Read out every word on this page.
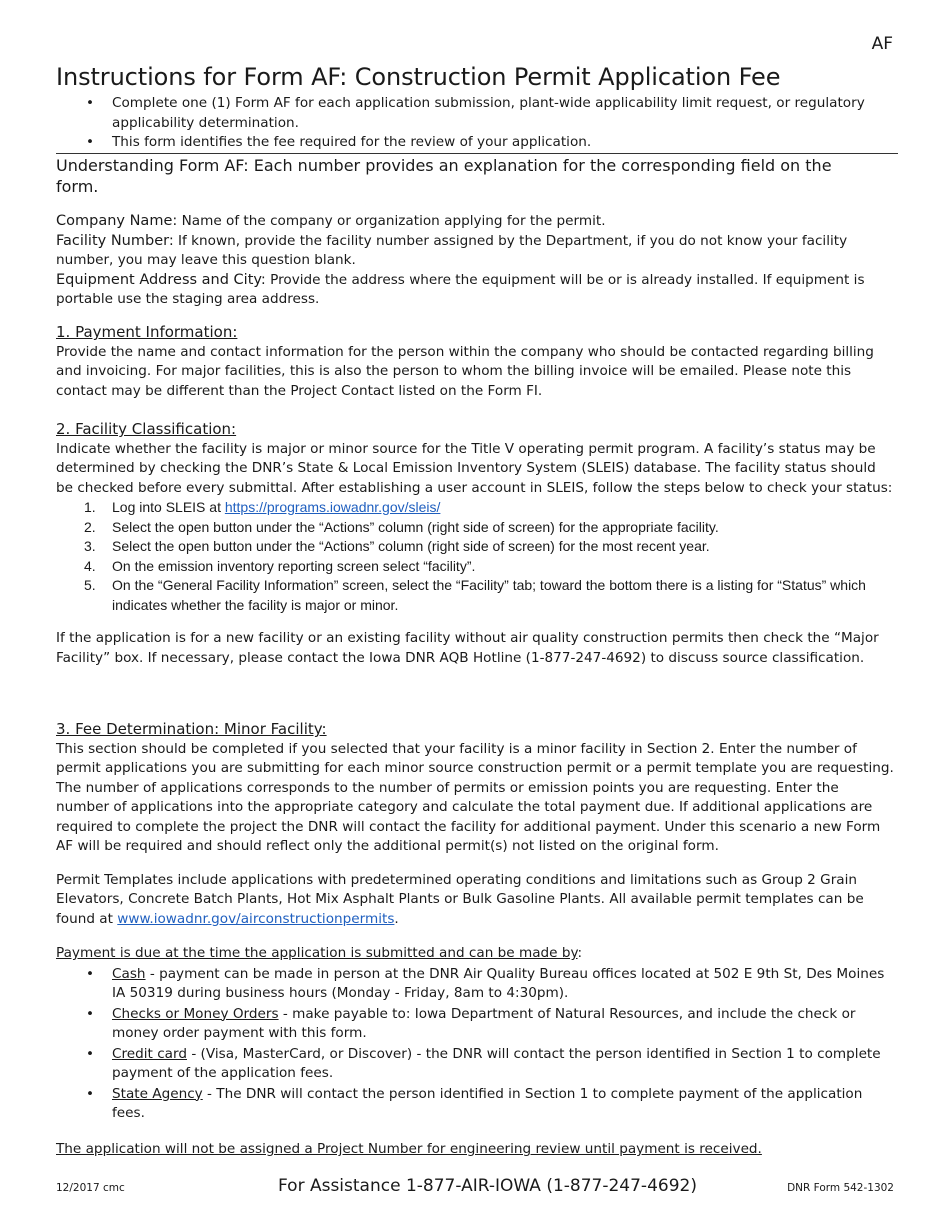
AF
Instructions for Form AF: Construction Permit Application Fee
• Complete one (1) Form AF for each application submission, plant-wide applicability limit request, or regulatory applicability determination.
• This form identifies the fee required for the review of your application.
Understanding Form AF: Each number provides an explanation for the corresponding field on the form.
Company Name: Name of the company or organization applying for the permit.
Facility Number: If known, provide the facility number assigned by the Department, if you do not know your facility number, you may leave this question blank.
Equipment Address and City: Provide the address where the equipment will be or is already installed. If equipment is portable use the staging area address.
1. Payment Information:
Provide the name and contact information for the person within the company who should be contacted regarding billing and invoicing. For major facilities, this is also the person to whom the billing invoice will be emailed. Please note this contact may be different than the Project Contact listed on the Form FI.
2. Facility Classification:
Indicate whether the facility is major or minor source for the Title V operating permit program. A facility’s status may be determined by checking the DNR’s State & Local Emission Inventory System (SLEIS) database. The facility status should be checked before every submittal. After establishing a user account in SLEIS, follow the steps below to check your status:
1. Log into SLEIS at https://programs.iowadnr.gov/sleis/
2. Select the open button under the “Actions” column (right side of screen) for the appropriate facility.
3. Select the open button under the “Actions” column (right side of screen) for the most recent year.
4. On the emission inventory reporting screen select “facility”.
5. On the “General Facility Information” screen, select the “Facility” tab; toward the bottom there is a listing for “Status” which indicates whether the facility is major or minor.
If the application is for a new facility or an existing facility without air quality construction permits then check the “Major Facility” box. If necessary, please contact the Iowa DNR AQB Hotline (1-877-247-4692) to discuss source classification.
3. Fee Determination: Minor Facility:
This section should be completed if you selected that your facility is a minor facility in Section 2. Enter the number of permit applications you are submitting for each minor source construction permit or a permit template you are requesting. The number of applications corresponds to the number of permits or emission points you are requesting. Enter the number of applications into the appropriate category and calculate the total payment due. If additional applications are required to complete the project the DNR will contact the facility for additional payment. Under this scenario a new Form AF will be required and should reflect only the additional permit(s) not listed on the original form.
Permit Templates include applications with predetermined operating conditions and limitations such as Group 2 Grain Elevators, Concrete Batch Plants, Hot Mix Asphalt Plants or Bulk Gasoline Plants. All available permit templates can be found at www.iowadnr.gov/airconstructionpermits.
Payment is due at the time the application is submitted and can be made by:
• Cash - payment can be made in person at the DNR Air Quality Bureau offices located at 502 E 9th St, Des Moines IA 50319 during business hours (Monday - Friday, 8am to 4:30pm).
• Checks or Money Orders - make payable to: Iowa Department of Natural Resources, and include the check or money order payment with this form.
• Credit card - (Visa, MasterCard, or Discover) - the DNR will contact the person identified in Section 1 to complete payment of the application fees.
• State Agency - The DNR will contact the person identified in Section 1 to complete payment of the application fees.
The application will not be assigned a Project Number for engineering review until payment is received.
12/2017 cmc	For Assistance 1-877-AIR-IOWA (1-877-247-4692)	DNR Form 542-1302
